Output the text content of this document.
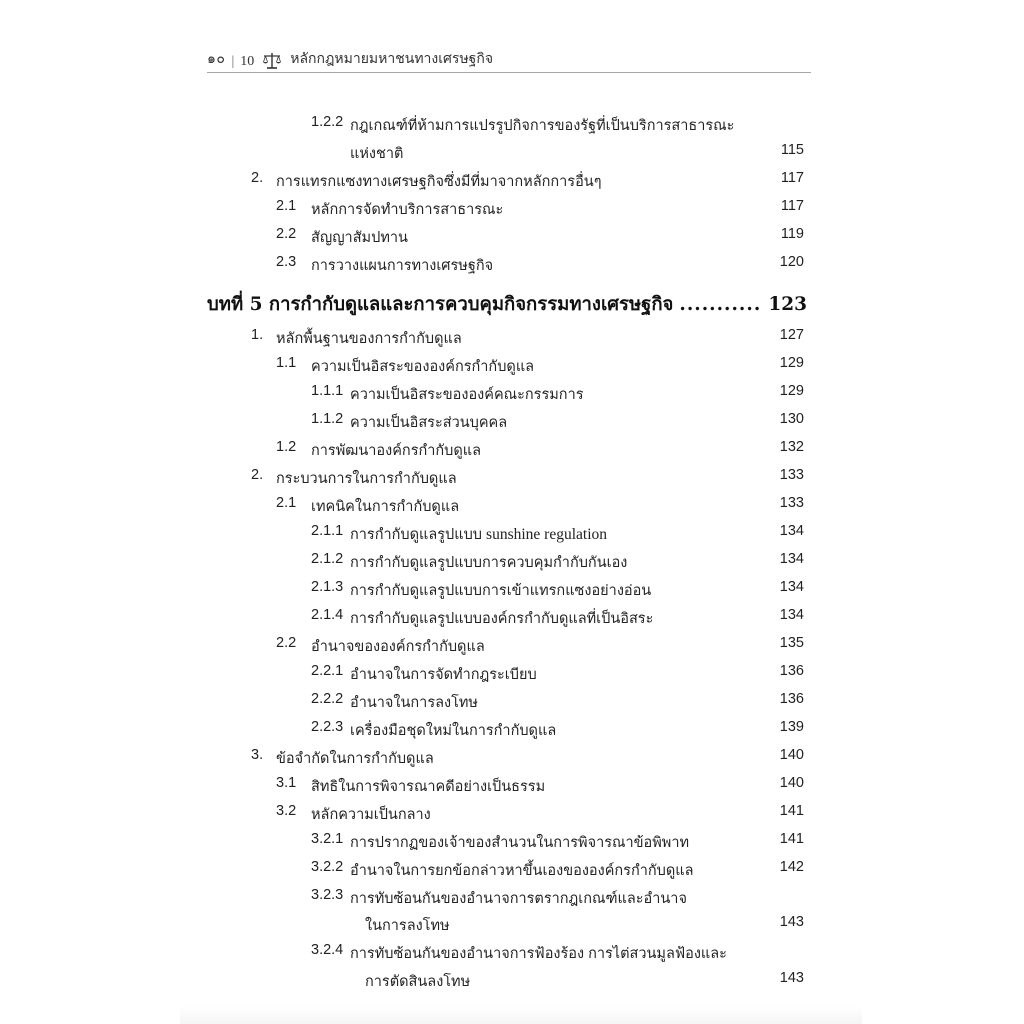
๑๐ | 10	หลักกฎหมายมหาชนทางเศรษฐกิจ
1.2.2 กฎเกณฑ์ที่ห้ามการแปรรูปกิจการของรัฐที่เป็นบริการสาธารณะ
แห่งชาติ	115
2. การแทรกแซงทางเศรษฐกิจซึ่งมีที่มาจากหลักการอื่นๆ	117
2.1 หลักการจัดทำบริการสาธารณะ	117
2.2 สัญญาสัมปทาน	119
2.3 การวางแผนการทางเศรษฐกิจ	120
บทที่ 5 การกำกับดูแลและการควบคุมกิจกรรมทางเศรษฐกิจ .....	123
1. หลักพื้นฐานของการกำกับดูแล	127
1.1 ความเป็นอิสระขององค์กรกำกับดูแล	129
1.1.1 ความเป็นอิสระขององค์คณะกรรมการ	129
1.1.2 ความเป็นอิสระส่วนบุคคล	130
1.2 การพัฒนาองค์กรกำกับดูแล	132
2. กระบวนการในการกำกับดูแล	133
2.1 เทคนิคในการกำกับดูแล	133
2.1.1 การกำกับดูแลรูปแบบ sunshine regulation	134
2.1.2 การกำกับดูแลรูปแบบการควบคุมกำกับกันเอง	134
2.1.3 การกำกับดูแลรูปแบบการเข้าแทรกแซงอย่างอ่อน	134
2.1.4 การกำกับดูแลรูปแบบองค์กรกำกับดูแลที่เป็นอิสระ	134
2.2 อำนาจขององค์กรกำกับดูแล	135
2.2.1 อำนาจในการจัดทำกฎระเบียบ	136
2.2.2 อำนาจในการลงโทษ	136
2.2.3 เครื่องมือชุดใหม่ในการกำกับดูแล	139
3. ข้อจำกัดในการกำกับดูแล	140
3.1 สิทธิในการพิจารณาคดีอย่างเป็นธรรม	140
3.2 หลักความเป็นกลาง	141
3.2.1 การปรากฏของเจ้าของสำนวนในการพิจารณาข้อพิพาท	141
3.2.2 อำนาจในการยกข้อกล่าวหาขึ้นเองขององค์กรกำกับดูแล	142
3.2.3 การทับซ้อนกันของอำนาจการตรากฎเกณฑ์และอำนาจ
ในการลงโทษ	143
3.2.4 การทับซ้อนกันของอำนาจการฟ้องร้อง การไต่สวนมูลฟ้องและ
การตัดสินลงโทษ	143
